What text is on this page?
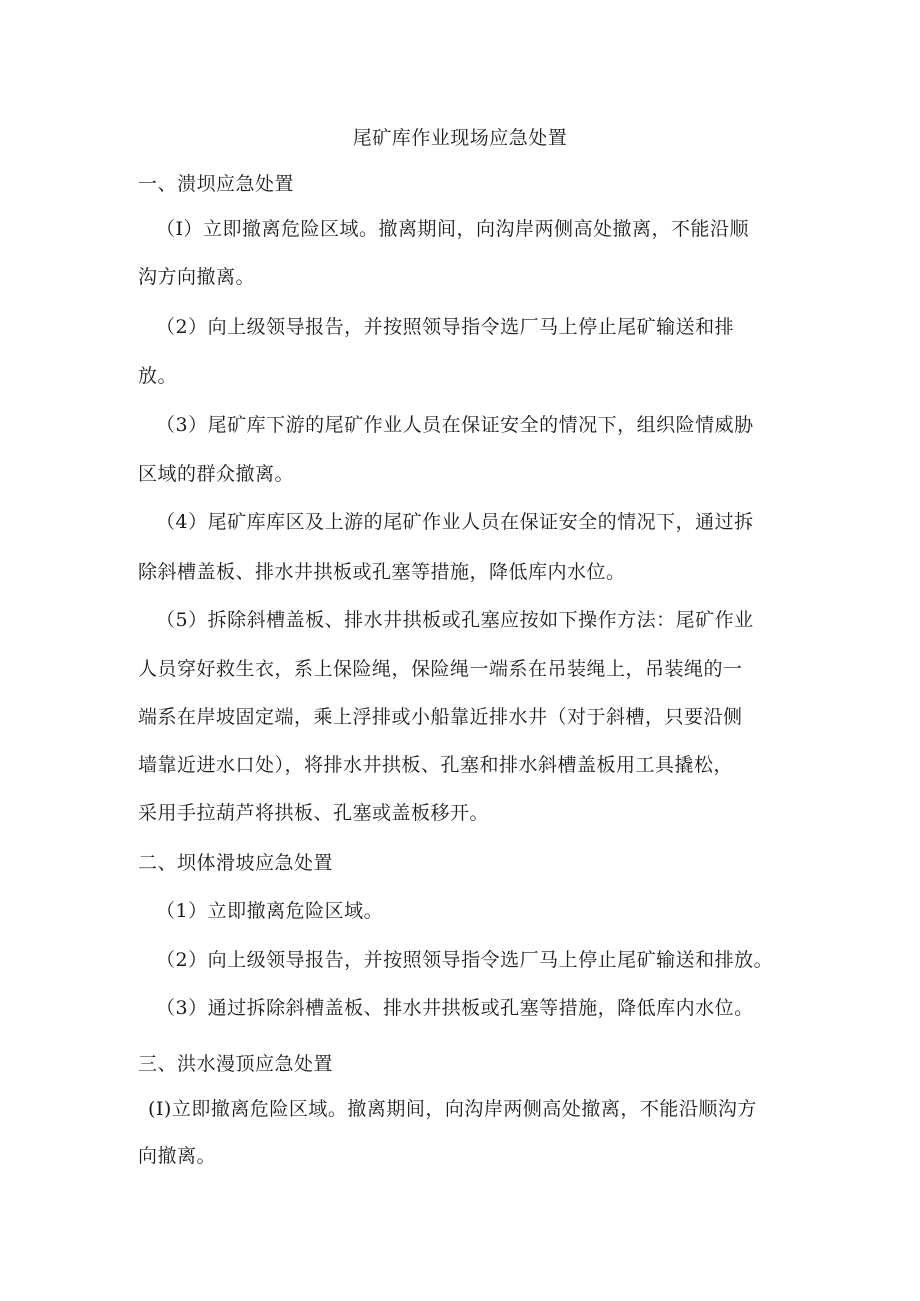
尾矿库作业现场应急处置
一、溃坝应急处置
（I）立即撤离危险区域。撤离期间，向沟岸两侧高处撤离，不能沿顺
沟方向撤离。
（2）向上级领导报告，并按照领导指令选厂马上停止尾矿输送和排
放。
（3）尾矿库下游的尾矿作业人员在保证安全的情况下，组织险情威胁
区域的群众撤离。
（4）尾矿库库区及上游的尾矿作业人员在保证安全的情况下，通过拆
除斜槽盖板、排水井拱板或孔塞等措施，降低库内水位。
（5）拆除斜槽盖板、排水井拱板或孔塞应按如下操作方法：尾矿作业
人员穿好救生衣，系上保险绳，保险绳一端系在吊装绳上，吊装绳的一
端系在岸坡固定端，乘上浮排或小船靠近排水井（对于斜槽，只要沿侧
墙靠近进水口处），将排水井拱板、孔塞和排水斜槽盖板用工具撬松，
采用手拉葫芦将拱板、孔塞或盖板移开。
二、坝体滑坡应急处置
（1）立即撤离危险区域。
（2）向上级领导报告，并按照领导指令选厂马上停止尾矿输送和排放。
（3）通过拆除斜槽盖板、排水井拱板或孔塞等措施，降低库内水位。
三、洪水漫顶应急处置
(I)立即撤离危险区域。撤离期间，向沟岸两侧高处撤离，不能沿顺沟方
向撤离。
